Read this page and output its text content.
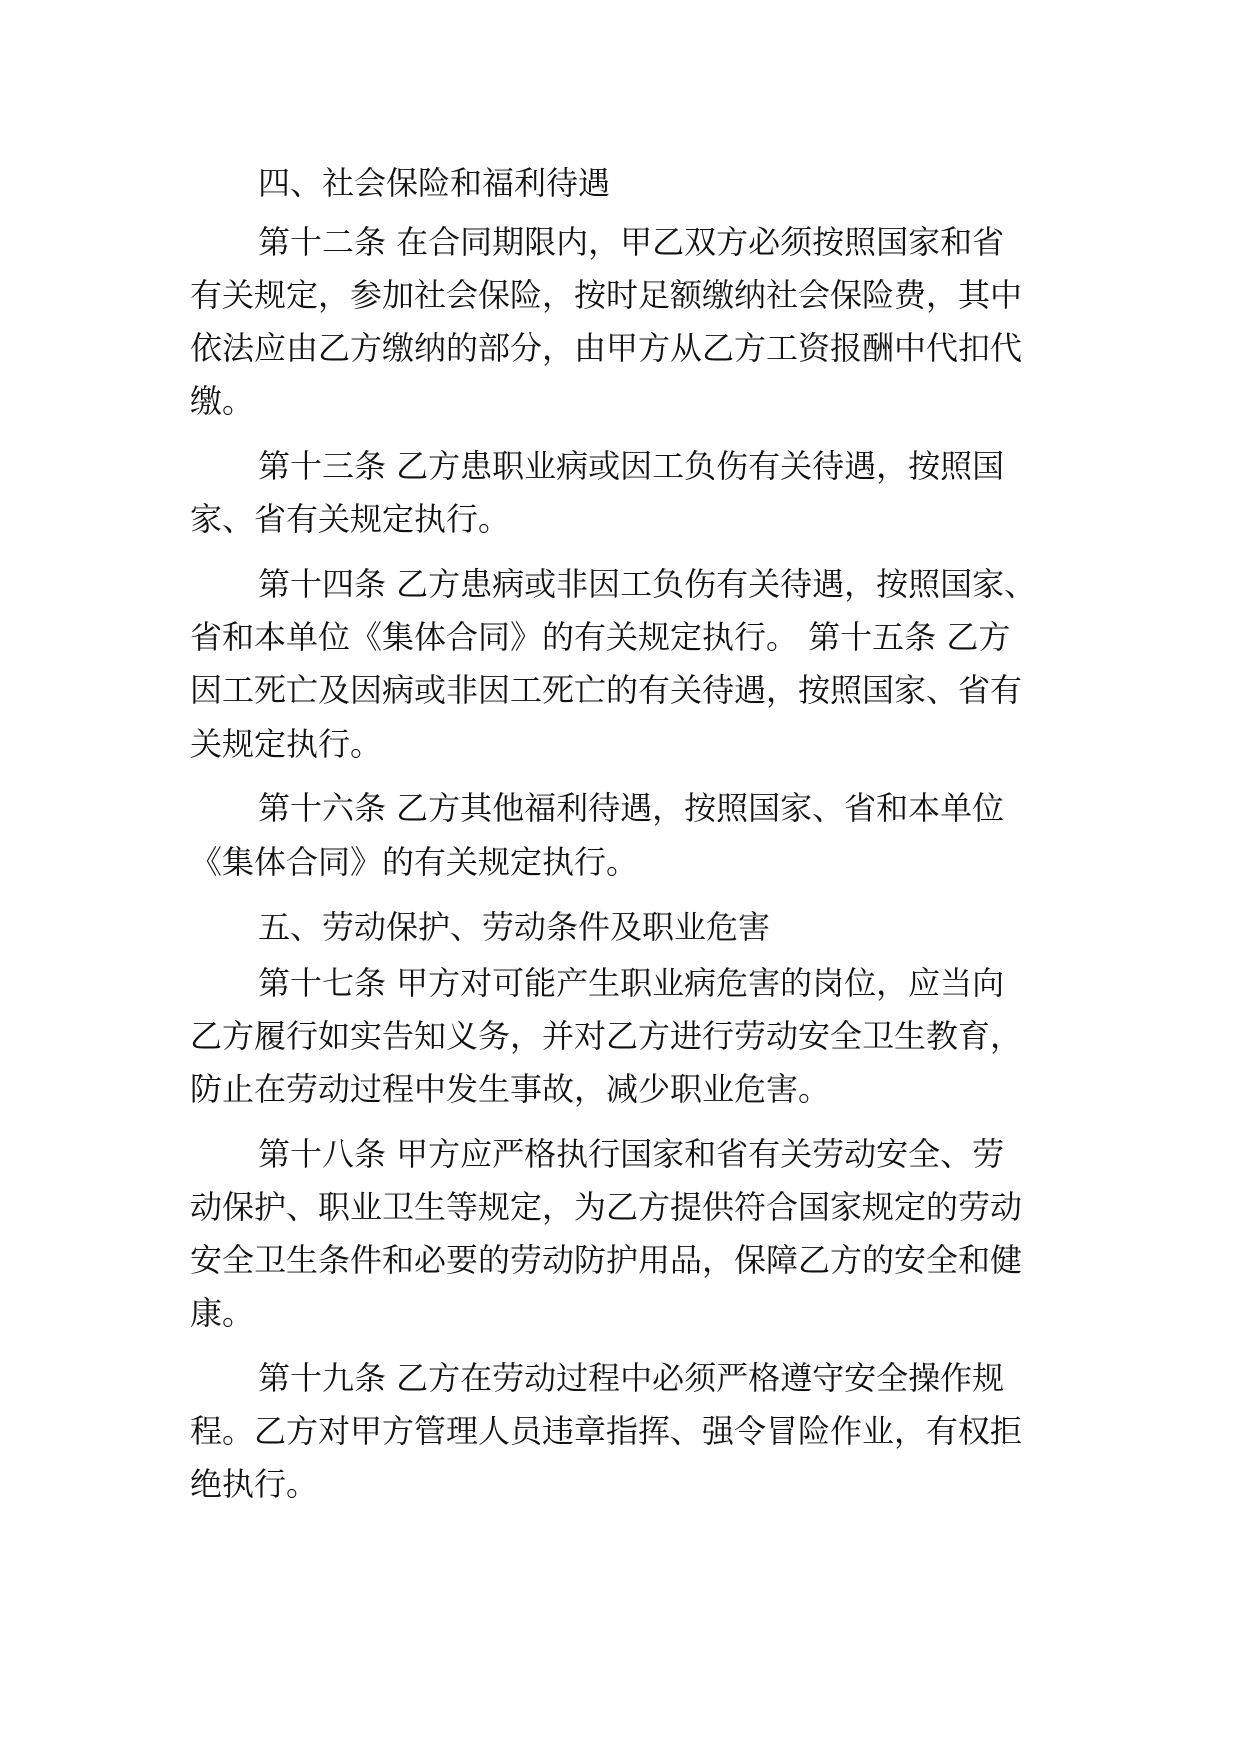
四、社会保险和福利待遇
第十二条 在合同期限内，甲乙双方必须按照国家和省
有关规定，参加社会保险，按时足额缴纳社会保险费，其中
依法应由乙方缴纳的部分，由甲方从乙方工资报酬中代扣代
缴。
第十三条 乙方患职业病或因工负伤有关待遇，按照国
家、省有关规定执行。
第十四条 乙方患病或非因工负伤有关待遇，按照国家、
省和本单位《集体合同》的有关规定执行。 第十五条 乙方
因工死亡及因病或非因工死亡的有关待遇，按照国家、省有
关规定执行。
第十六条 乙方其他福利待遇，按照国家、省和本单位
《集体合同》的有关规定执行。
五、劳动保护、劳动条件及职业危害
第十七条 甲方对可能产生职业病危害的岗位，应当向
乙方履行如实告知义务，并对乙方进行劳动安全卫生教育，
防止在劳动过程中发生事故，减少职业危害。
第十八条 甲方应严格执行国家和省有关劳动安全、劳
动保护、职业卫生等规定，为乙方提供符合国家规定的劳动
安全卫生条件和必要的劳动防护用品，保障乙方的安全和健
康。
第十九条 乙方在劳动过程中必须严格遵守安全操作规
程。乙方对甲方管理人员违章指挥、强令冒险作业，有权拒
绝执行。
